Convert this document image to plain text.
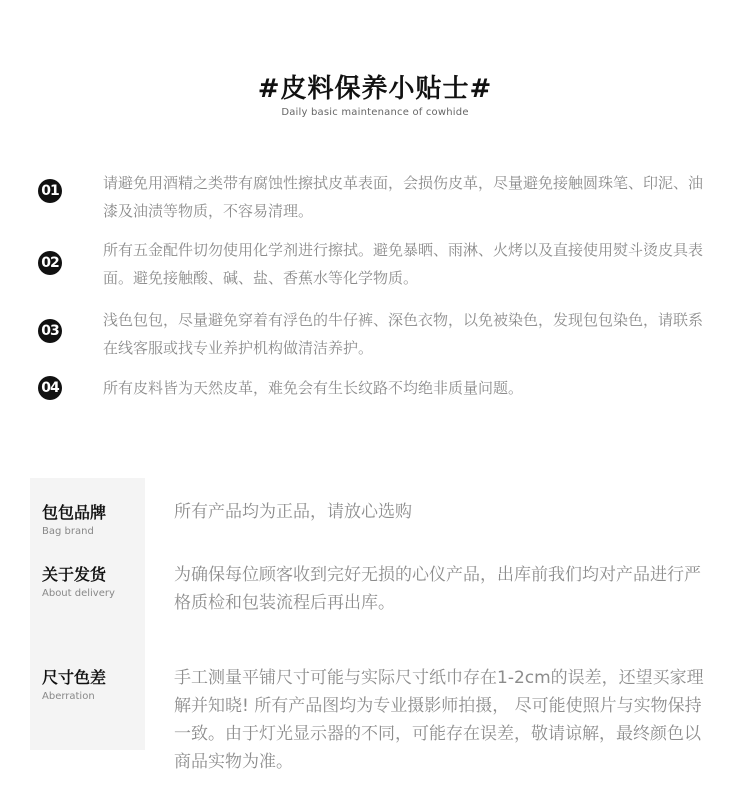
#皮料保养小贴士#
Daily basic maintenance of cowhide
01	请避免用酒精之类带有腐蚀性擦拭皮革表面，会损伤皮革，尽量避免接触圆珠笔、印泥、油漆及油渍等物质，不容易清理。
02
所有五金配件切勿使用化学剂进行擦拭。避免暴晒、雨淋、火烤以及直接使用熨斗烫皮具表面。避免接触酸、碱、盐、香蕉水等化学物质。
03
浅色包包，尽量避免穿着有浮色的牛仔裤、深色衣物，以免被染色，发现包包染色，请联系在线客服或找专业养护机构做清洁养护。
04	所有皮料皆为天然皮革，难免会有生长纹路不均绝非质量问题。
包包品牌
Bag brand
所有产品均为正品，请放心选购
关于发货
About delivery
为确保每位顾客收到完好无损的心仪产品，出库前我们均对产品进行严格质检和包装流程后再出库。
尺寸色差
Aberration
手工测量平铺尺寸可能与实际尺寸纸巾存在1-2cm的误差，还望买家理解并知晓! 所有产品图均为专业摄影师拍摄， 尽可能使照片与实物保持一致。由于灯光显示器的不同，可能存在误差，敬请谅解，最终颜色以商品实物为准。
